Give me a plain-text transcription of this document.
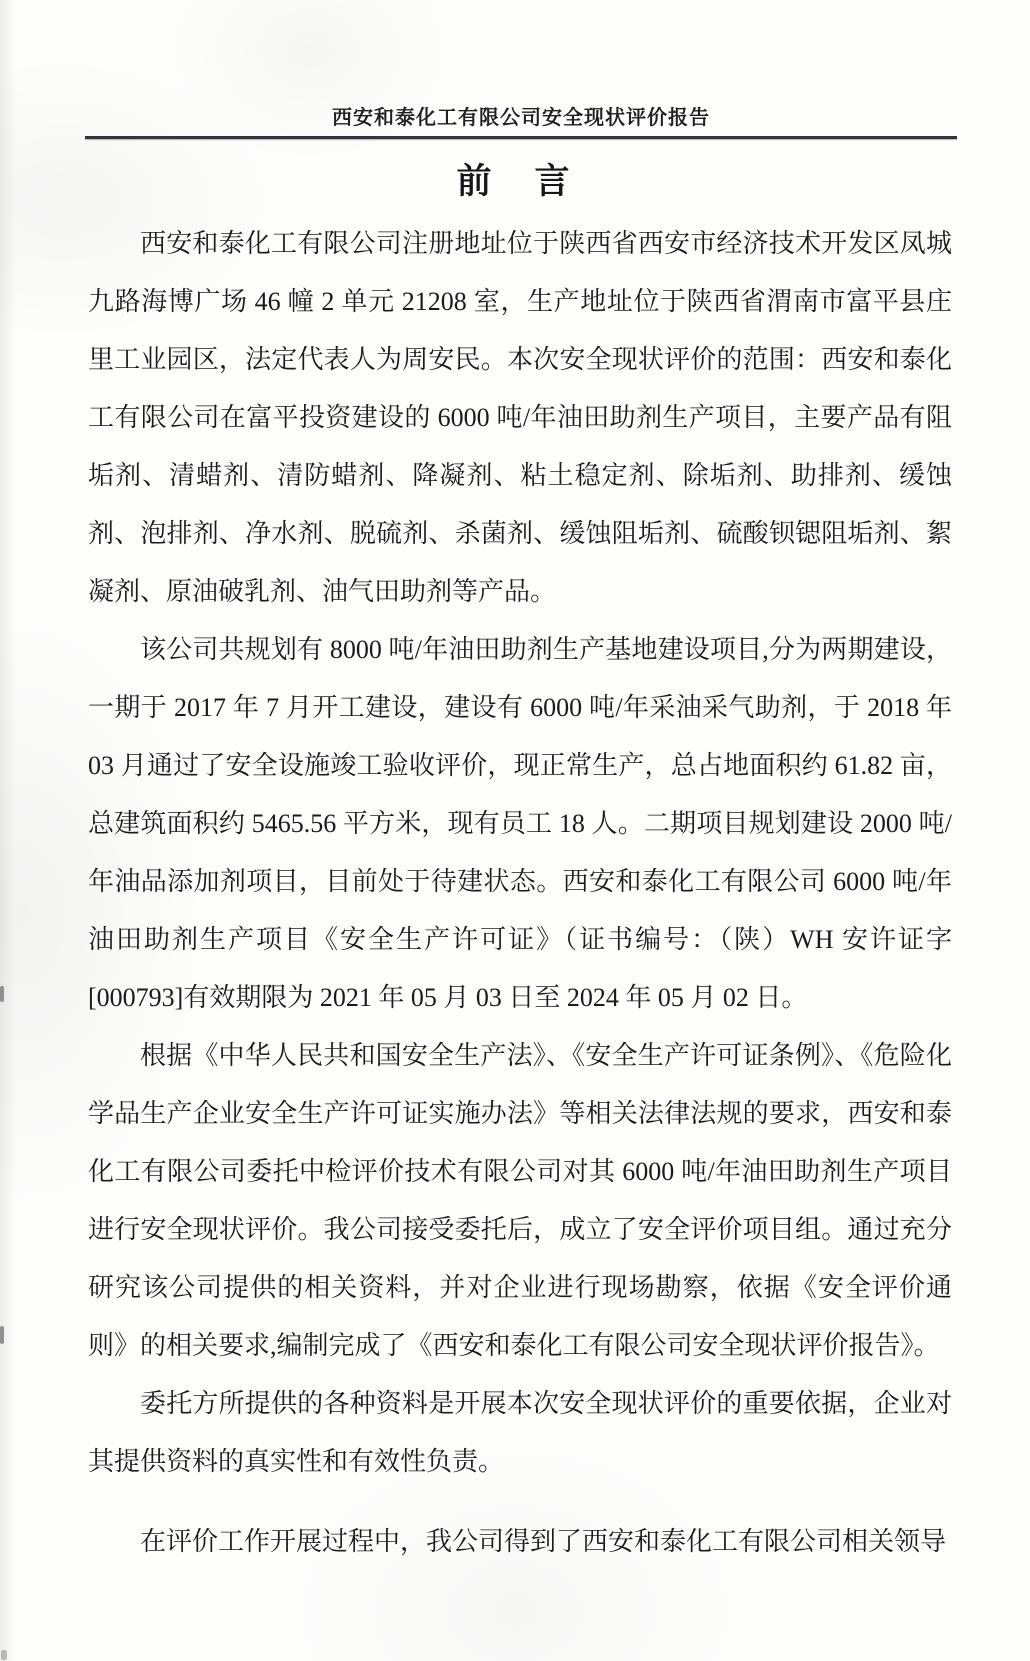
西安和泰化工有限公司安全现状评价报告
前　言

西安和泰化工有限公司注册地址位于陕西省西安市经济技术开发区凤城九路海博广场 46 幢 2 单元 21208 室，生产地址位于陕西省渭南市富平县庄里工业园区，法定代表人为周安民。本次安全现状评价的范围：西安和泰化工有限公司在富平投资建设的 6000 吨/年油田助剂生产项目，主要产品有阻垢剂、清蜡剂、清防蜡剂、降凝剂、粘土稳定剂、除垢剂、助排剂、缓蚀剂、泡排剂、净水剂、脱硫剂、杀菌剂、缓蚀阻垢剂、硫酸钡锶阻垢剂、絮凝剂、原油破乳剂、油气田助剂等产品。

该公司共规划有 8000 吨/年油田助剂生产基地建设项目,分为两期建设，一期于 2017 年 7 月开工建设，建设有 6000 吨/年采油采气助剂，于 2018 年 03 月通过了安全设施竣工验收评价，现正常生产，总占地面积约 61.82 亩，总建筑面积约 5465.56 平方米，现有员工 18 人。二期项目规划建设 2000 吨/年油品添加剂项目，目前处于待建状态。西安和泰化工有限公司 6000 吨/年油田助剂生产项目《安全生产许可证》（证书编号：（陕）WH 安许证字[000793]有效期限为 2021 年 05 月 03 日至 2024 年 05 月 02 日。

根据《中华人民共和国安全生产法》、《安全生产许可证条例》、《危险化学品生产企业安全生产许可证实施办法》等相关法律法规的要求，西安和泰化工有限公司委托中检评价技术有限公司对其 6000 吨/年油田助剂生产项目进行安全现状评价。我公司接受委托后，成立了安全评价项目组。通过充分研究该公司提供的相关资料，并对企业进行现场勘察，依据《安全评价通则》的相关要求,编制完成了《西安和泰化工有限公司安全现状评价报告》。

委托方所提供的各种资料是开展本次安全现状评价的重要依据，企业对其提供资料的真实性和有效性负责。

在评价工作开展过程中，我公司得到了西安和泰化工有限公司相关领导
